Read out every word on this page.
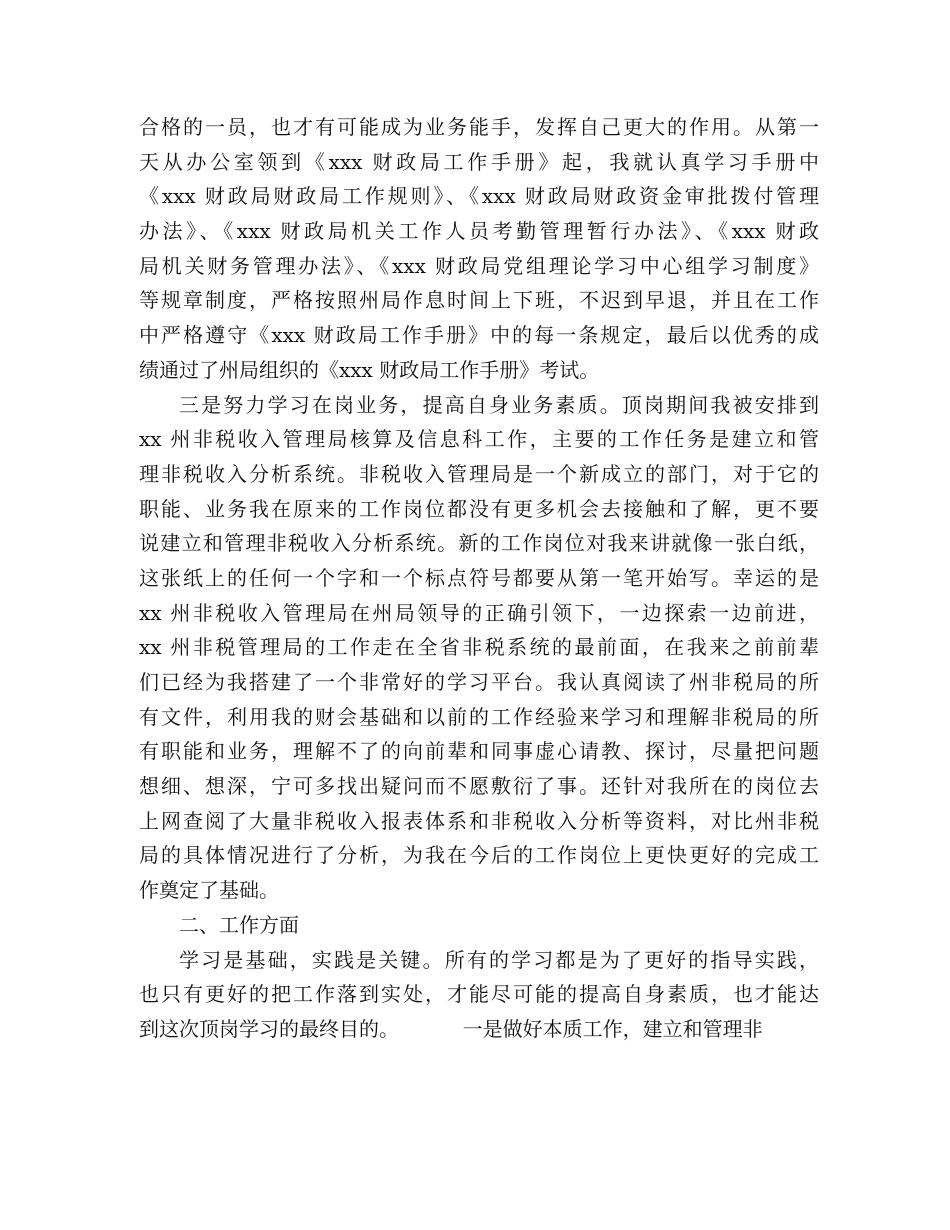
合格的一员，也才有可能成为业务能手，发挥自己更大的作用。从第一
天从办公室领到《xxx 财政局工作手册》起，我就认真学习手册中
《xxx 财政局财政局工作规则》、《xxx 财政局财政资金审批拨付管理
办法》、《xxx 财政局机关工作人员考勤管理暂行办法》、《xxx 财政
局机关财务管理办法》、《xxx 财政局党组理论学习中心组学习制度》
等规章制度，严格按照州局作息时间上下班，不迟到早退，并且在工作
中严格遵守《xxx 财政局工作手册》中的每一条规定，最后以优秀的成
绩通过了州局组织的《xxx 财政局工作手册》考试。
三是努力学习在岗业务，提高自身业务素质。顶岗期间我被安排到
xx 州非税收入管理局核算及信息科工作，主要的工作任务是建立和管
理非税收入分析系统。非税收入管理局是一个新成立的部门，对于它的
职能、业务我在原来的工作岗位都没有更多机会去接触和了解，更不要
说建立和管理非税收入分析系统。新的工作岗位对我来讲就像一张白纸，
这张纸上的任何一个字和一个标点符号都要从第一笔开始写。幸运的是
xx 州非税收入管理局在州局领导的正确引领下，一边探索一边前进，
xx 州非税管理局的工作走在全省非税系统的最前面，在我来之前前辈
们已经为我搭建了一个非常好的学习平台。我认真阅读了州非税局的所
有文件，利用我的财会基础和以前的工作经验来学习和理解非税局的所
有职能和业务，理解不了的向前辈和同事虚心请教、探讨，尽量把问题
想细、想深，宁可多找出疑问而不愿敷衍了事。还针对我所在的岗位去
上网查阅了大量非税收入报表体系和非税收入分析等资料，对比州非税
局的具体情况进行了分析，为我在今后的工作岗位上更快更好的完成工
作奠定了基础。
二、工作方面
学习是基础，实践是关键。所有的学习都是为了更好的指导实践，
也只有更好的把工作落到实处，才能尽可能的提高自身素质，也才能达
到这次顶岗学习的最终目的。          一是做好本质工作，建立和管理非
